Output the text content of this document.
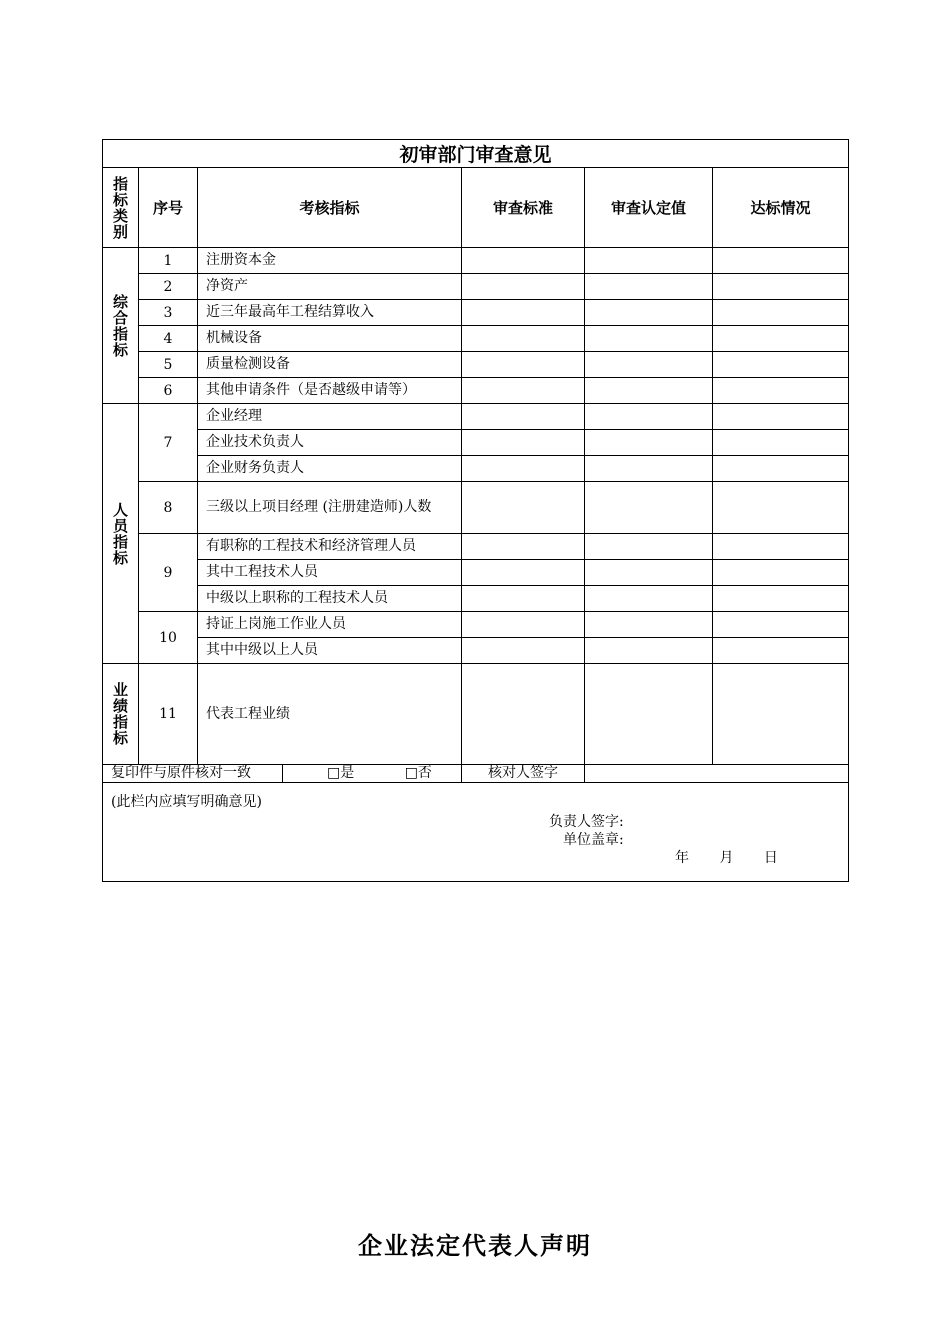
初审部门审查意见					

指标类别	序号	考核指标	审查标准	审查认定值	达标情况

综合指标	1	注册资本金			
	2	净资产			
	3	近三年最高年工程结算收入			
	4	机械设备			
	5	质量检测设备			
	6	其他申请条件（是否越级申请等）			

人员指标	7	企业经理			
		企业技术负责人			
		企业财务负责人			
	8	三级以上项目经理 (注册建造师)人数			
	9	有职称的工程技术和经济管理人员			
		其中工程技术人员			
		中级以上职称的工程技术人员			
	10	持证上岗施工作业人员			
		其中中级以上人员			

业绩指标	11	代表工程业绩			

复印件与原件核对一致 □是 □否			核对人签字		

(此栏内应填写明确意见)
负责人签字:
单位盖章:
年 月 日					
企业法定代表人声明
